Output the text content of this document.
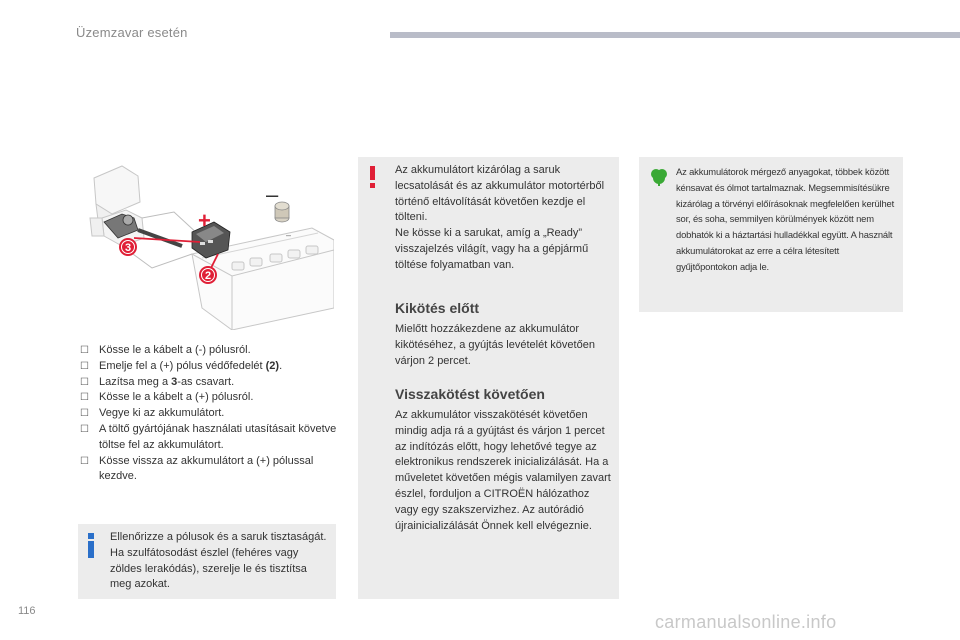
Üzemzavar esetén
–
–
+
3
2
☐ Kösse le a kábelt a (-) pólusról.
☐ Emelje fel a (+) pólus védőfedelét (2).
☐ Lazítsa meg a 3-as csavart.
☐ Kösse le a kábelt a (+) pólusról.
☐ Vegye ki az akkumulátort.
☐ A töltő gyártójának használati utasításait követve töltse fel az akkumulátort.
☐ Kösse vissza az akkumulátort a (+) pólussal kezdve.
Ellenőrizze a pólusok és a saruk tisztaságát. Ha szulfátosodást észlel (fehéres vagy zöldes lerakódás), szerelje le és tisztítsa meg azokat.
Az akkumulátort kizárólag a saruk lecsatolását és az akkumulátor motortérből történő eltávolítását követően kezdje el tölteni.
Ne kösse ki a sarukat, amíg a „Ready” visszajelzés világít, vagy ha a gépjármű töltése folyamatban van.
Kikötés előtt
Mielőtt hozzákezdene az akkumulátor kikötéséhez, a gyújtás levételét követően várjon 2 percet.
Visszakötést követően
Az akkumulátor visszakötését követően mindig adja rá a gyújtást és várjon 1 percet az indítózás előtt, hogy lehetővé tegye az elektronikus rendszerek inicializálását. Ha a műveletet követően mégis valamilyen zavart észlel, forduljon a CITROËN hálózathoz vagy egy szakszervizhez. Az autórádió újrainicializálását Önnek kell elvégeznie.
Az akkumulátorok mérgező anyagokat, többek között kénsavat és ólmot tartalmaznak. Megsemmisítésükre kizárólag a törvényi előírásoknak megfelelően kerülhet sor, és soha, semmilyen körülmények között nem dobhatók ki a háztartási hulladékkal együtt. A használt akkumulátorokat az erre a célra létesített gyűjtőpontokon adja le.
116
carmanualsonline.info
